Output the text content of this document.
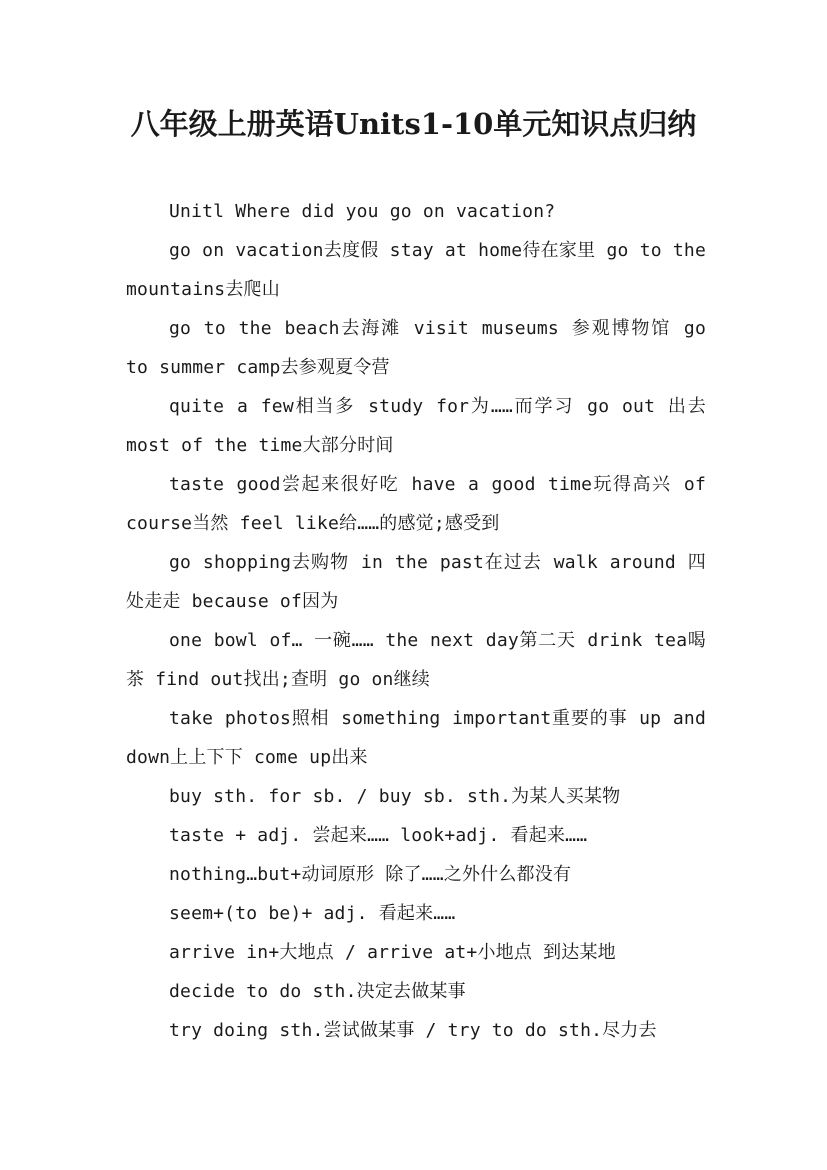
八年级上册英语Units1-10单元知识点归纳

Unitl Where did you go on vacation?

go on vacation去度假 stay at home待在家里 go to the mountains去爬山

go to the beach去海滩 visit museums 参观博物馆 go to summer camp去参观夏令营

quite a few相当多 study for为……而学习 go out 出去 most of the time大部分时间

taste good尝起来很好吃 have a good time玩得高兴 of course当然 feel like给……的感觉;感受到

go shopping去购物 in the past在过去 walk around 四处走走 because of因为

one bowl of… 一碗…… the next day第二天 drink tea喝茶 find out找出;查明 go on继续

take photos照相 something important重要的事 up and down上上下下 come up出来

buy sth. for sb. / buy sb. sth.为某人买某物

taste + adj. 尝起来…… look+adj. 看起来……

nothing…but+动词原形 除了……之外什么都没有

seem+(to be)+ adj. 看起来……

arrive in+大地点 / arrive at+小地点 到达某地

decide to do sth.决定去做某事

try doing sth.尝试做某事 / try to do sth.尽力去
